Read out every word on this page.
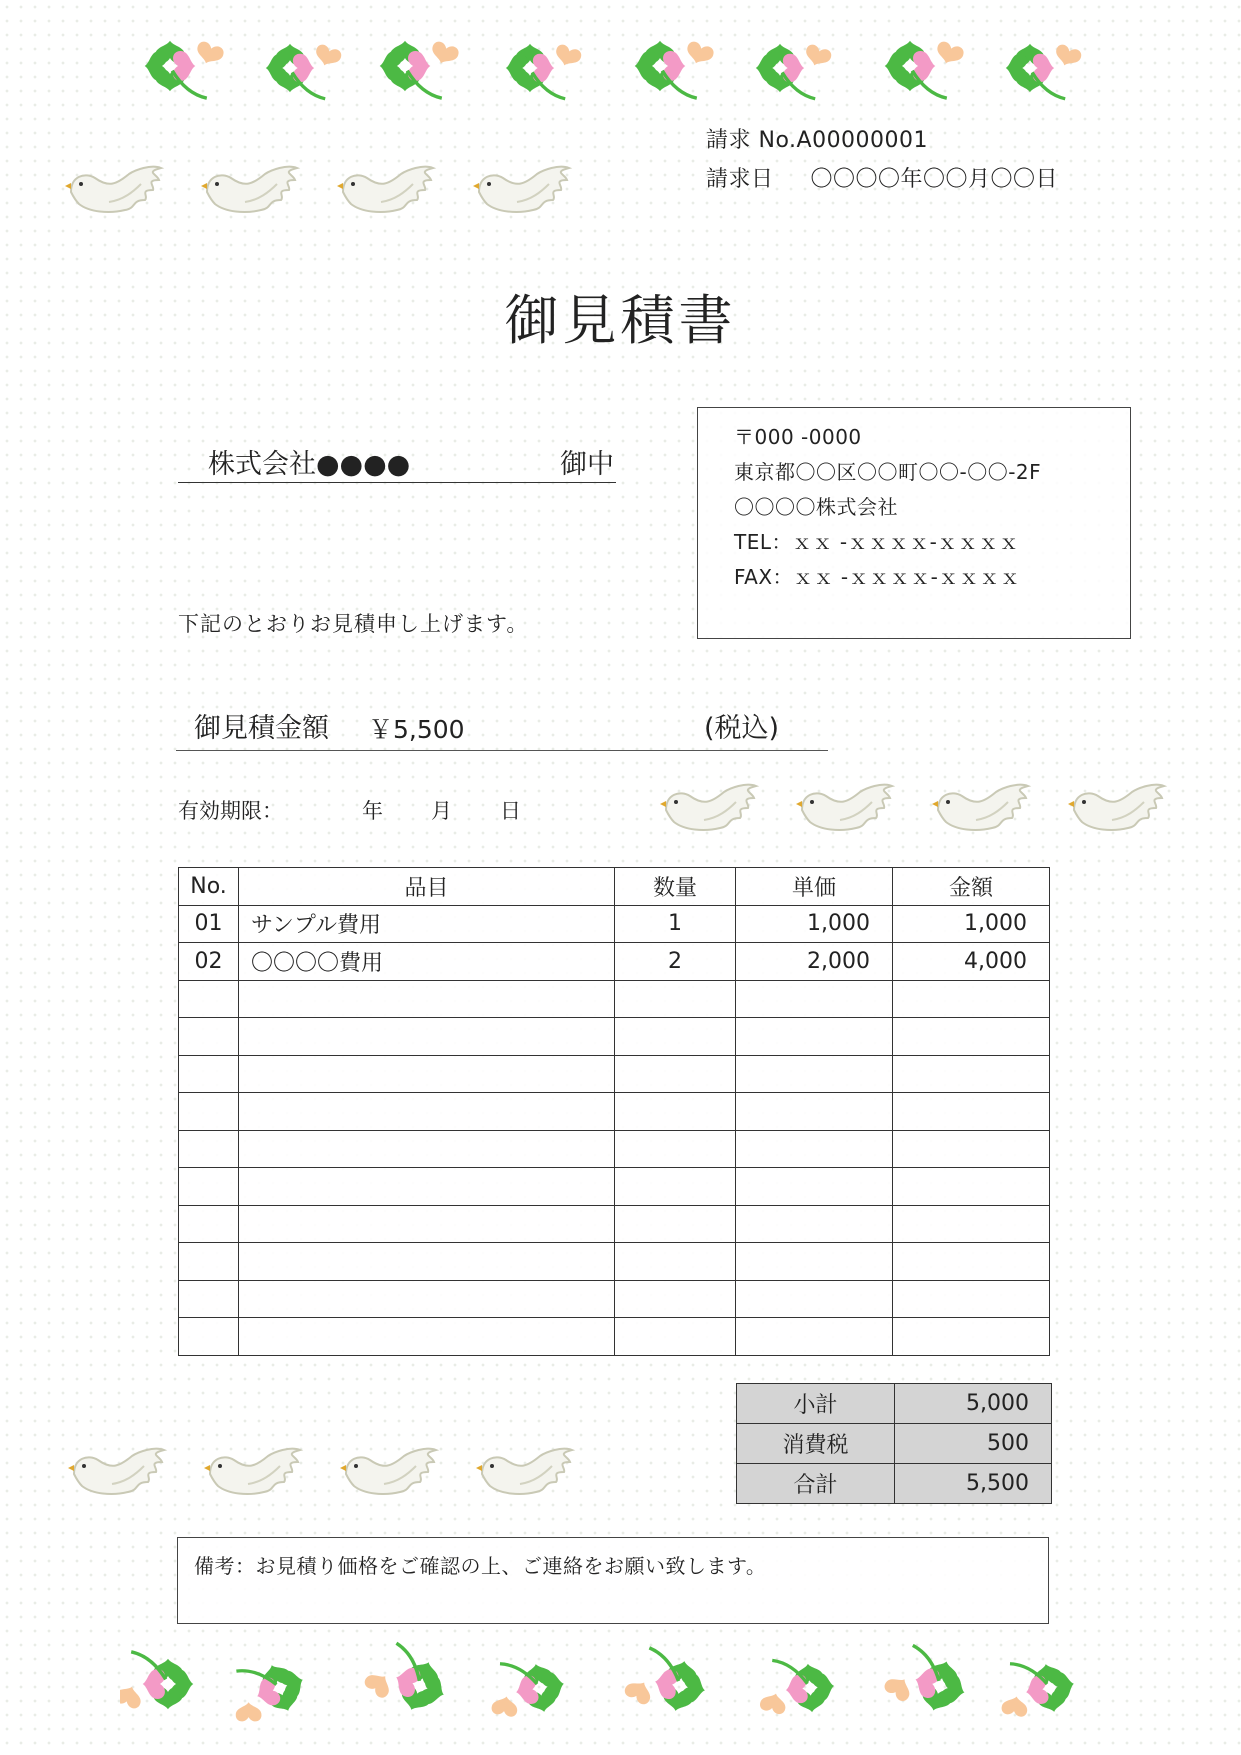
請求 No.A00000001
請求日 〇〇〇〇年〇〇月〇〇日
御見積書
株式会社●●●●	御中
〒000 -0000
東京都〇〇区〇〇町〇〇-〇〇-2F
〇〇〇〇株式会社
TEL：ｘｘ -ｘｘｘｘ-ｘｘｘｘ
FAX：ｘｘ -ｘｘｘｘ-ｘｘｘｘ
下記のとおりお見積申し上げます。
御見積金額 ￥5,500	(税込)
有効期限：	年 月 日
No.	品目	数量	単価	金額
01	サンプル費用	1	1,000	1,000
02	〇〇〇〇費用	2	2,000	4,000

小計	5,000
消費税	500
合計	5,500
備考：お見積り価格をご確認の上、ご連絡をお願い致します。
